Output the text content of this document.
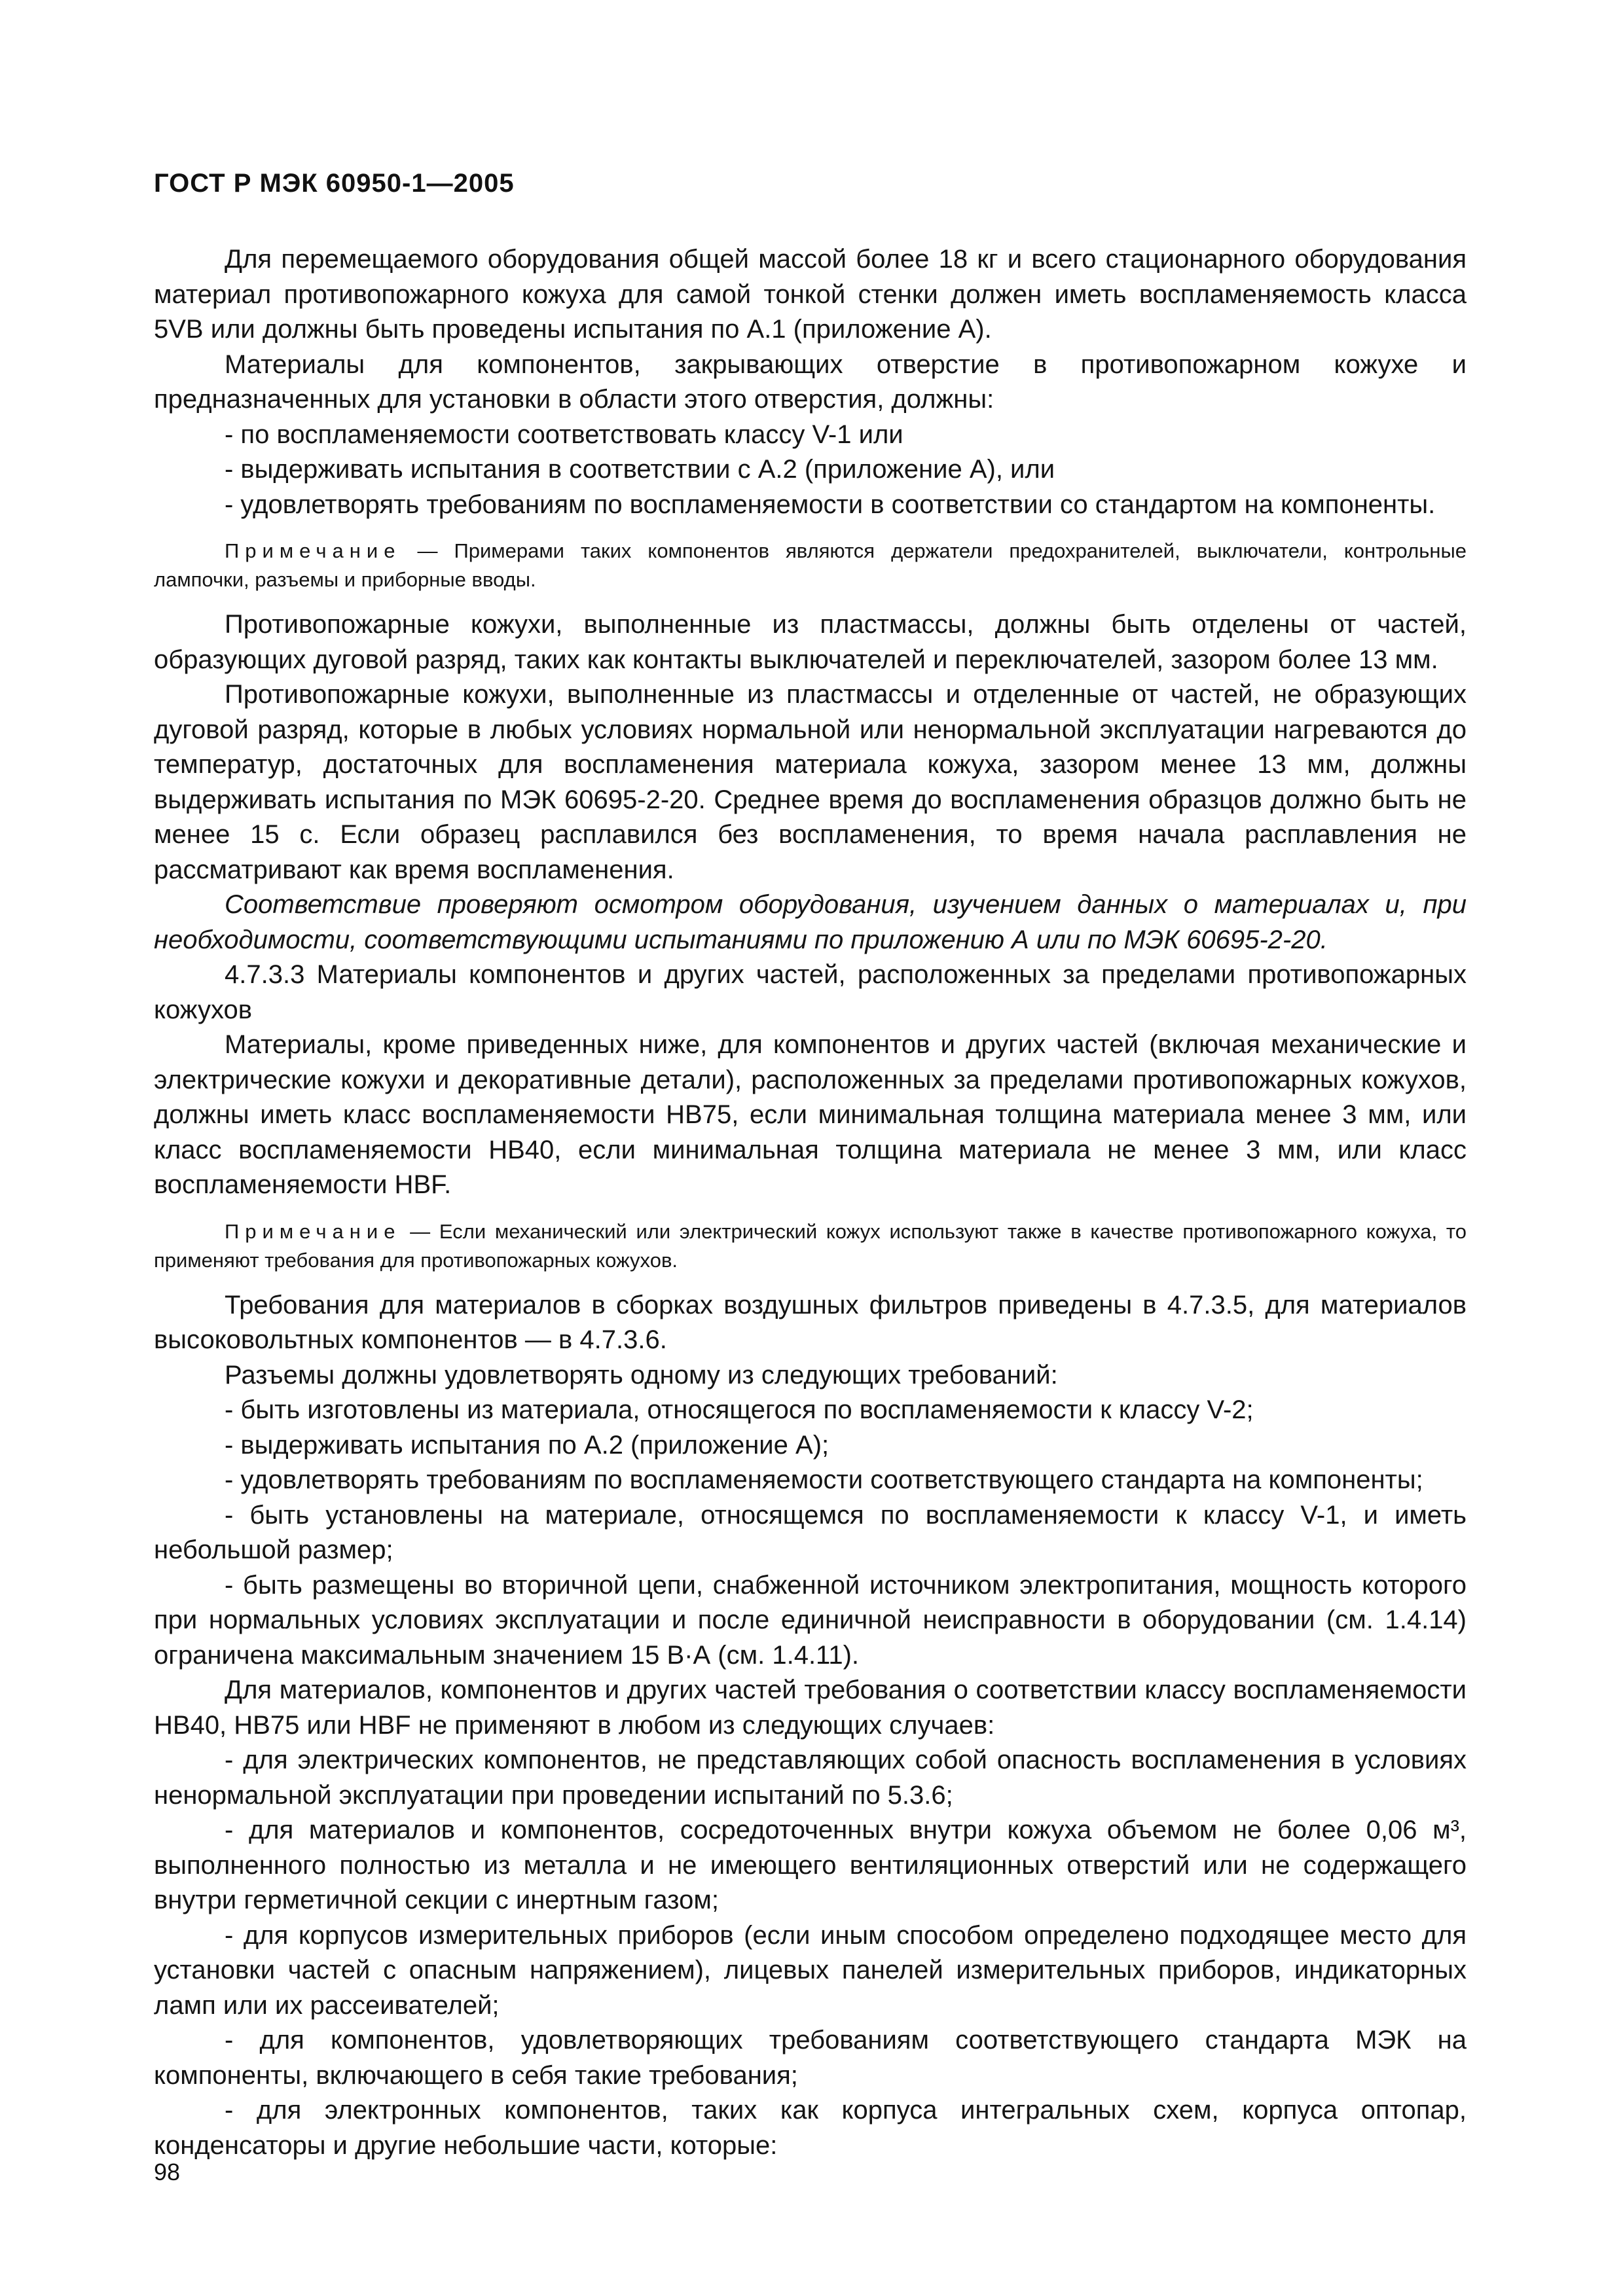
ГОСТ Р МЭК 60950-1—2005

Для перемещаемого оборудования общей массой более 18 кг и всего стационарного оборудования материал противопожарного кожуха для самой тонкой стенки должен иметь воспламеняемость класса 5VB или должны быть проведены испытания по А.1 (приложение А).

Материалы для компонентов, закрывающих отверстие в противопожарном кожухе и предназначенных для установки в области этого отверстия, должны:

- по воспламеняемости соответствовать классу V-1 или

- выдерживать испытания в соответствии с А.2 (приложение А), или

- удовлетворять требованиям по воспламеняемости в соответствии со стандартом на компоненты.

Примечание — Примерами таких компонентов являются держатели предохранителей, выключатели, контрольные лампочки, разъемы и приборные вводы.

Противопожарные кожухи, выполненные из пластмассы, должны быть отделены от частей, образующих дуговой разряд, таких как контакты выключателей и переключателей, зазором более 13 мм.

Противопожарные кожухи, выполненные из пластмассы и отделенные от частей, не образующих дуговой разряд, которые в любых условиях нормальной или ненормальной эксплуатации нагреваются до температур, достаточных для воспламенения материала кожуха, зазором менее 13 мм, должны выдерживать испытания по МЭК 60695-2-20. Среднее время до воспламенения образцов должно быть не менее 15 с. Если образец расплавился без воспламенения, то время начала расплавления не рассматривают как время воспламенения.

Соответствие проверяют осмотром оборудования, изучением данных о материалах и, при необходимости, соответствующими испытаниями по приложению А или по МЭК 60695-2-20.

4.7.3.3 Материалы компонентов и других частей, расположенных за пределами противопожарных кожухов

Материалы, кроме приведенных ниже, для компонентов и других частей (включая механические и электрические кожухи и декоративные детали), расположенных за пределами противопожарных кожухов, должны иметь класс воспламеняемости НВ75, если минимальная толщина материала менее 3 мм, или класс воспламеняемости НВ40, если минимальная толщина материала не менее 3 мм, или класс воспламеняемости HBF.

Примечание — Если механический или электрический кожух используют также в качестве противопожарного кожуха, то применяют требования для противопожарных кожухов.

Требования для материалов в сборках воздушных фильтров приведены в 4.7.3.5, для материалов высоковольтных компонентов — в 4.7.3.6.

Разъемы должны удовлетворять одному из следующих требований:

- быть изготовлены из материала, относящегося по воспламеняемости к классу V-2;

- выдерживать испытания по А.2 (приложение А);

- удовлетворять требованиям по воспламеняемости соответствующего стандарта на компоненты;

- быть установлены на материале, относящемся по воспламеняемости к классу V-1, и иметь небольшой размер;

- быть размещены во вторичной цепи, снабженной источником электропитания, мощность которого при нормальных условиях эксплуатации и после единичной неисправности в оборудовании (см. 1.4.14) ограничена максимальным значением 15 В·А (см. 1.4.11).

Для материалов, компонентов и других частей требования о соответствии классу воспламеняемости НВ40, НВ75 или HBF не применяют в любом из следующих случаев:

- для электрических компонентов, не представляющих собой опасность воспламенения в условиях ненормальной эксплуатации при проведении испытаний по 5.3.6;

- для материалов и компонентов, сосредоточенных внутри кожуха объемом не более 0,06 м³, выполненного полностью из металла и не имеющего вентиляционных отверстий или не содержащего внутри герметичной секции с инертным газом;

- для корпусов измерительных приборов (если иным способом определено подходящее место для установки частей с опасным напряжением), лицевых панелей измерительных приборов, индикаторных ламп или их рассеивателей;

- для компонентов, удовлетворяющих требованиям соответствующего стандарта МЭК на компоненты, включающего в себя такие требования;

- для электронных компонентов, таких как корпуса интегральных схем, корпуса оптопар, конденсаторы и другие небольшие части, которые:

98
